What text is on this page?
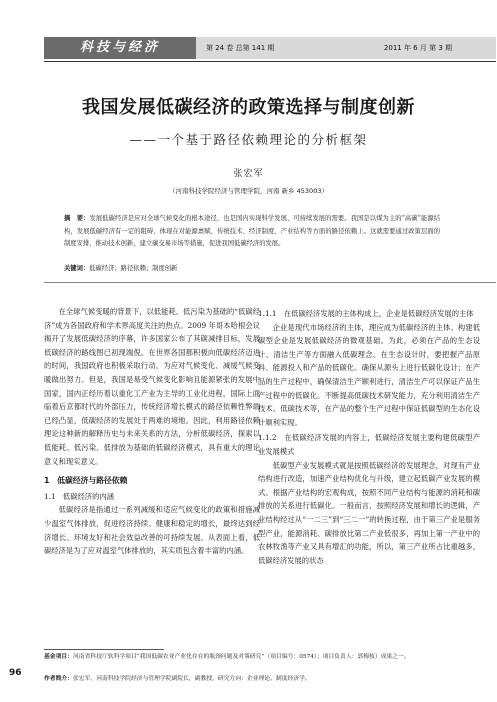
科技与经济	第 24 卷 总第 141 期	2011 年 6 月 第 3 期
我国发展低碳经济的政策选择与制度创新
——一个基于路径依赖理论的分析框架
张宏军
（河南科技学院经济与管理学院，河南 新乡 453003）
摘　要：发展低碳经济是应对全球气候变化的根本途径，也是国内实现科学发展、可持续发展的需要。我国是以煤为主的“高碳”能源结构，发展低碳经济有一定的阻碍，体现在对能源禀赋、传统技术、经济制度、产业结构等方面的路径依赖上。这就需要通过政策层面的制度安排，推动技术创新，建立碳交易市场等措施，促进我国低碳经济的发展。
关键词：低碳经济；路径依赖；制度创新

在全球气候变暖的背景下，以低能耗、低污染为基础的“低碳经济”成为各国政府和学术界高度关注的热点。2009 年哥本哈根会议揭开了发展低碳经济的序幕，许多国家公布了其碳减排目标，发展低碳经济的路线图已初现端倪。在世界各国都积极向低碳经济迈进的时间，我国政府也积极采取行动，为应对气候变化、减缓气候变暖做出努力。但是，我国是易受气候变化影响且能源紧张的发展中国家，国内正经历着以重化工产业为主导的工业化进程，国际上面临着后京都时代的外部压力，传统经济增长模式的路径依赖性弊端已经凸显，低碳经济的发展处于两难的境地。因此，利用路径依赖理论这种新的解释历史与未来关系的方法，分析低碳经济，探索以低能耗、低污染、低排放为基础的低碳经济模式，具有重大的理论意义和现实意义。

1　低碳经济与路径依赖
1.1　低碳经济的内涵

低碳经济是指通过一系列减缓和适应气候变化的政策和措施减少温室气体排放，促进经济持续、健康和稳定的增长，最终达到经济增长、环境友好和社会效益改善的可持续发展。从表面上看，低碳经济是为了应对温室气体排放的，其实质包含着丰富的内涵。

1.1.1　在低碳经济发展的主体构成上，企业是低碳经济发展的主体

企业是现代市场经济的主体，理应成为低碳经济的主体。构建低碳型企业是发展低碳经济的微观基础。为此，必须在产品的生态设计、清洁生产等方面融入低碳理念。在生态设计时，要把握产品原料、能源投入和产品的低碳化、确保从源头上进行低碳化设计；在产品的生产过程中，确保清洁生产顺利进行，清洁生产可以保证产品生产过程中的低碳化。不断提高低碳技术研发能力，充分利用清洁生产技术、低碳技术等，在产品的整个生产过程中保证低碳型的生态化设计顺利实现。

1.1.2　在低碳经济发展的内容上，低碳经济发展主要构建低碳型产业发展模式

低碳型产业发展模式就是按照低碳经济的发展理念，对现有产业结构进行改造，加速产业结构优化与升级，建立起低碳产业发展的模式。根据产业结构的宏观构成，按照不同产业结构与能源的消耗和碳排放的关系进行低碳化。一般而言，按照经济发展和增长的逻辑，产业结构经过从“一二三”到“三二一”的转换过程，由于第三产业是服务型产业，能源消耗、碳排放比第二产业低很多，再加上第一产业中的农林牧渔等产业又具有增汇的功能，所以，第三产业所占比重越多，低碳经济发展的状态

基金项目：河南省科技厅软科学项目“我国低碳农业产业化存在的瓶颈问题及对策研究”（项目编号：0574）；项目负责人：郭梅枝）成果之一。
作者简介：张宏军，河南科技学院经济与管理学院副院长，副教授，研究方向：企业理论、制度经济学。
96
